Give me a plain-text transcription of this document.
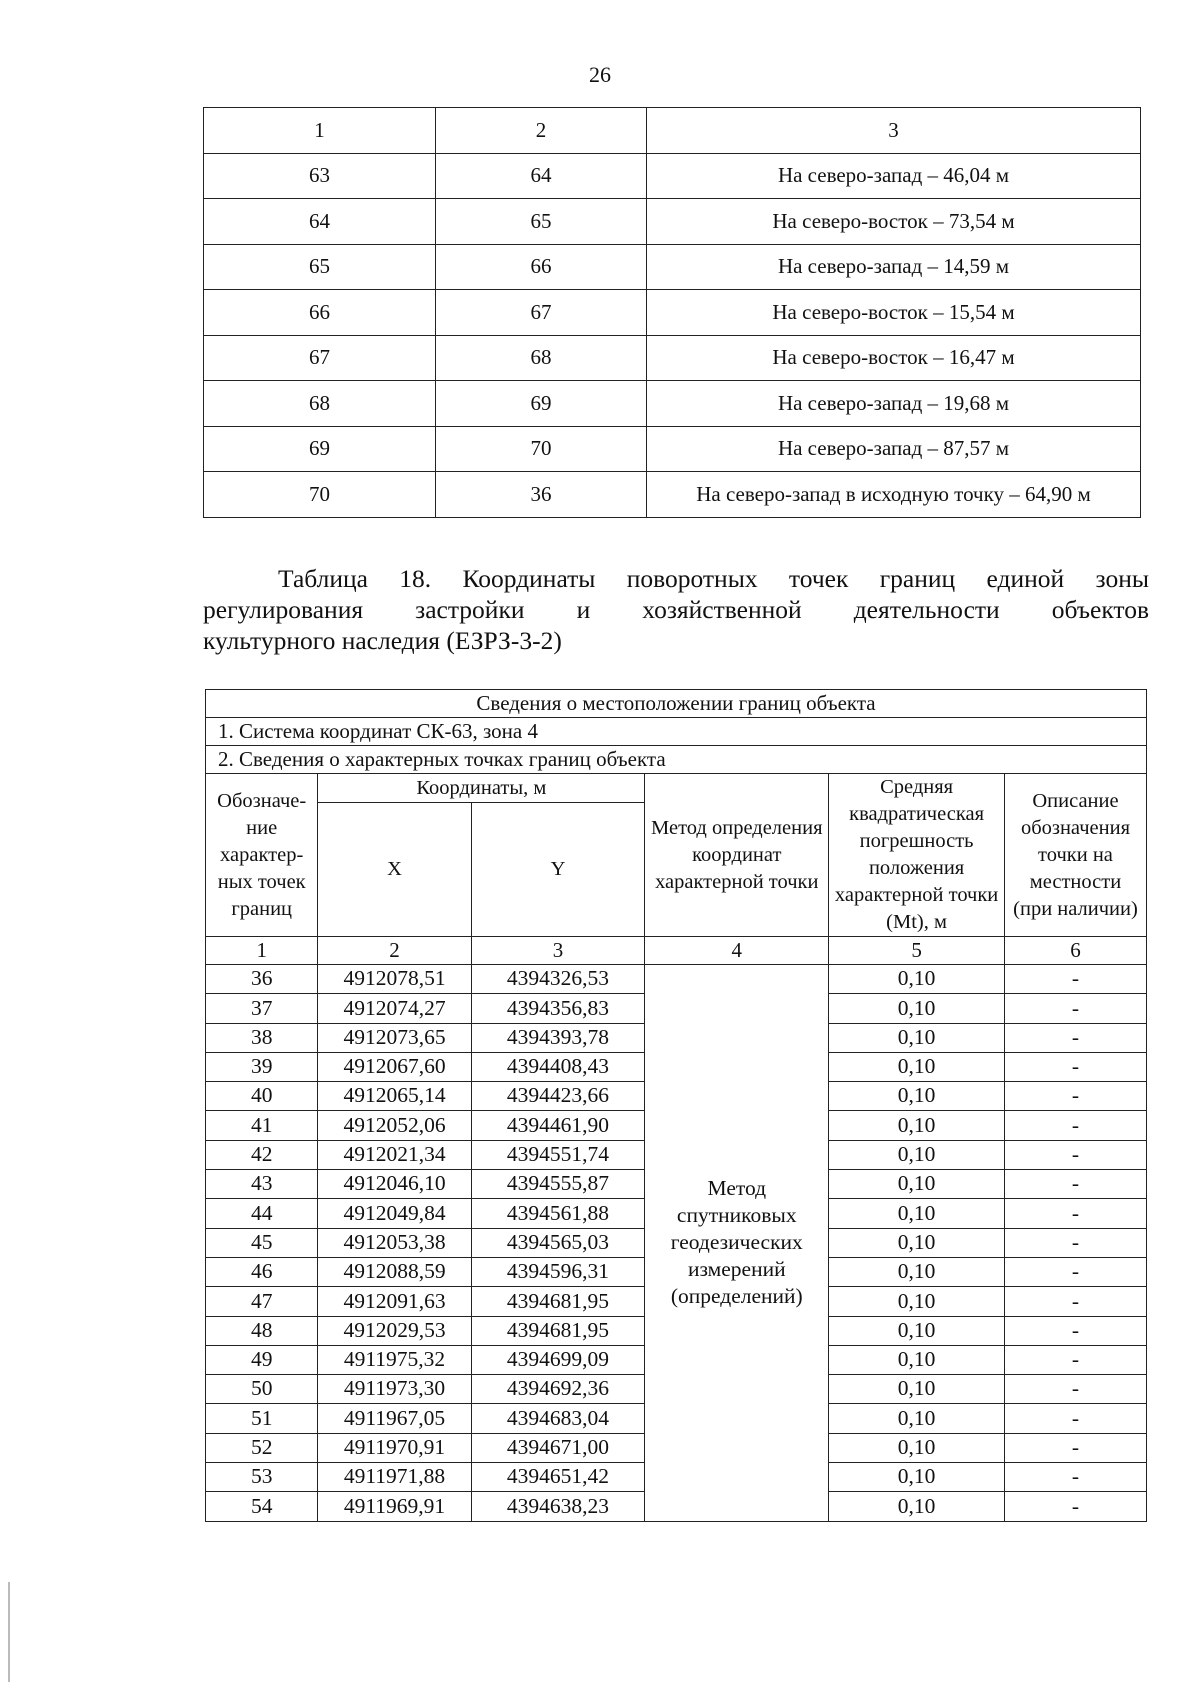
26
1	2	3
63	64	На северо-запад – 46,04 м
64	65	На северо-восток – 73,54 м
65	66	На северо-запад – 14,59 м
66	67	На северо-восток – 15,54 м
67	68	На северо-восток – 16,47 м
68	69	На северо-запад – 19,68 м
69	70	На северо-запад – 87,57 м
70	36	На северо-запад в исходную точку – 64,90 м
Таблица 18. Координаты поворотных точек границ единой зоны
регулирования застройки и хозяйственной деятельности объектов
культурного наследия (ЕЗРЗ-3-2)
Сведения о местоположении границ объекта					
1. Система координат СК-63, зона 4					
2. Сведения о характерных точках границ объекта					
Обозначе-ние характер-ных точек границ	Координаты, м		Метод определения координат характерной точки	Средняя квадратическая погрешность положения характерной точки (Mt), м	Описание обозначения точки на местности (при наличии)
	X	Y			
1	2	3	4	5	6
36	4912078,51	4394326,53	Метод спутниковых геодезических измерений (определений)	0,10	-
37	4912074,27	4394356,83		0,10	-
38	4912073,65	4394393,78		0,10	-
39	4912067,60	4394408,43		0,10	-
40	4912065,14	4394423,66		0,10	-
41	4912052,06	4394461,90		0,10	-
42	4912021,34	4394551,74		0,10	-
43	4912046,10	4394555,87		0,10	-
44	4912049,84	4394561,88		0,10	-
45	4912053,38	4394565,03		0,10	-
46	4912088,59	4394596,31		0,10	-
47	4912091,63	4394681,95		0,10	-
48	4912029,53	4394681,95		0,10	-
49	4911975,32	4394699,09		0,10	-
50	4911973,30	4394692,36		0,10	-
51	4911967,05	4394683,04		0,10	-
52	4911970,91	4394671,00		0,10	-
53	4911971,88	4394651,42		0,10	-
54	4911969,91	4394638,23		0,10	-
